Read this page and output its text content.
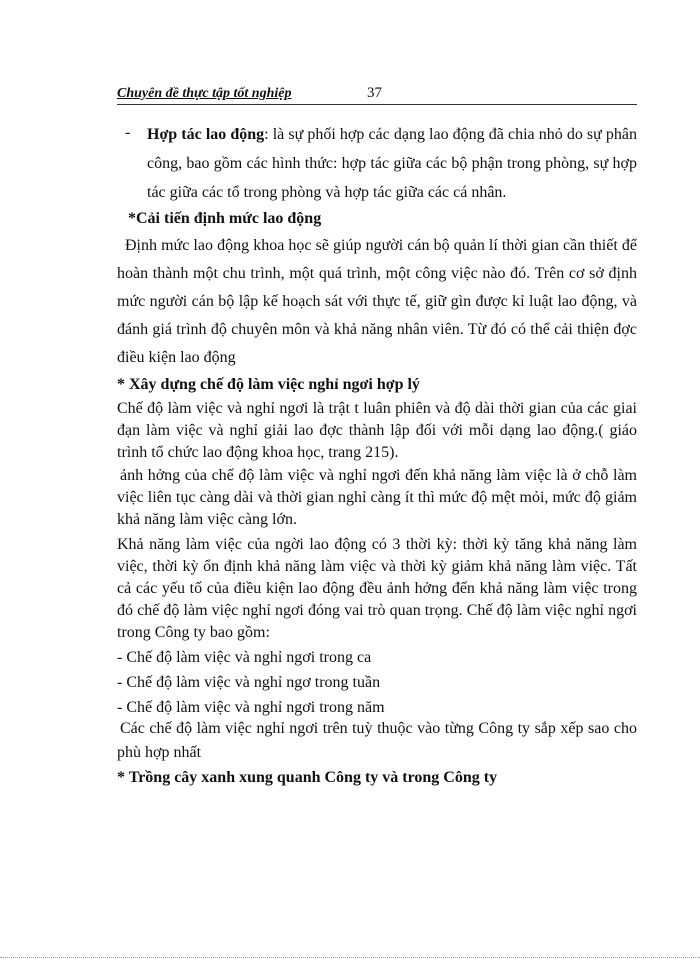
Chuyên đề thực tập tốt nghiệp	37
- Hợp tác lao động: là sự phối hợp các dạng lao động đã chia nhỏ do sự phân công, bao gồm các hình thức: hợp tác giữa các bộ phận trong phòng, sự hợp tác giữa các tổ trong phòng và hợp tác giữa các cá nhân.

*Cải tiến định mức lao động

Định mức lao động khoa học sẽ giúp người cán bộ quản lí thời gian cần thiết để hoàn thành một chu trình, một quá trình, một công việc nào đó. Trên cơ sở định mức người cán bộ lập kế hoạch sát với thực tế, giữ gìn được kỉ luật lao động, và đánh giá trình độ chuyên môn và khả năng nhân viên. Từ đó có thể cải thiện đợc điều kiện lao động

* Xây dựng chế độ làm việc nghỉ ngơi hợp lý

Chế độ làm việc và nghỉ ngơi là trật t luân phiên và độ dài thời gian của các giai đạn làm việc và nghỉ giải lao đợc thành lập đối với mỗi dạng lao động.( giáo trình tổ chức lao động khoa học, trang 215).

ảnh hởng của chế độ làm việc và nghỉ ngơi đến khả năng làm việc là ở chỗ làm việc liên tục càng dài và thời gian nghỉ càng ít thì mức độ mệt mỏi, mức độ giảm khả năng làm việc càng lớn.

Khả năng làm việc của ngời lao động có 3 thời kỳ: thời kỳ tăng khả năng làm việc, thời kỳ ổn định khả năng làm việc và thời kỳ giảm khả năng làm việc. Tất cả các yếu tố của điều kiện lao động đều ảnh hởng đến khả năng làm việc trong đó chế độ làm việc nghỉ ngơi đóng vai trò quan trọng. Chế độ làm việc nghỉ ngơi trong Công ty bao gồm:

- Chế độ làm việc và nghỉ ngơi trong ca
- Chế độ làm việc và nghỉ ngơ trong tuần
- Chế độ làm việc và nghỉ ngơi trong năm

Các chế độ làm việc nghỉ ngơi trên tuỳ thuộc vào từng Công ty sắp xếp sao cho phù hợp nhất

* Trồng cây xanh xung quanh Công ty và trong Công ty
